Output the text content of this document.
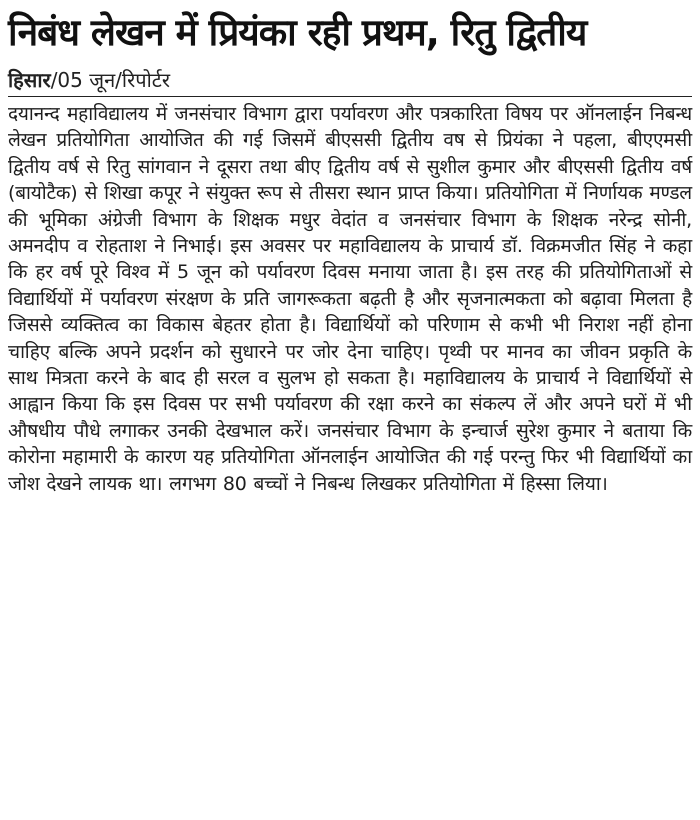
निबंध लेखन में प्रियंका रही प्रथम, रितु द्वितीय
हिसार/05 जून/रिपोर्टर

दयानन्द महाविद्यालय में जनसंचार विभाग द्वारा पर्यावरण और पत्रकारिता विषय पर ऑनलाईन निबन्ध लेखन प्रतियोगिता आयोजित की गई जिसमें बीएससी द्वितीय वष से प्रियंका ने पहला, बीएएमसी द्वितीय वर्ष से रितु सांगवान ने दूसरा तथा बीए द्वितीय वर्ष से सुशील कुमार और बीएससी द्वितीय वर्ष (बायोटैक) से शिखा कपूर ने संयुक्त रूप से तीसरा स्थान प्राप्त किया। प्रतियोगिता में निर्णायक मण्डल की भूमिका अंग्रेजी विभाग के शिक्षक मधुर वेदांत व जनसंचार विभाग के शिक्षक नरेन्द्र सोनी, अमनदीप व रोहताश ने निभाई। इस अवसर पर महाविद्यालय के प्राचार्य डॉ. विक्रमजीत सिंह ने कहा कि हर वर्ष पूरे विश्व में 5 जून को पर्यावरण दिवस मनाया जाता है। इस तरह की प्रतियोगिताओं से विद्यार्थियों में पर्यावरण संरक्षण के प्रति जागरूकता बढ़ती है और सृजनात्मकता को बढ़ावा मिलता है जिससे व्यक्तित्व का विकास बेहतर होता है। विद्यार्थियों को परिणाम से कभी भी निराश नहीं होना चाहिए बल्कि अपने प्रदर्शन को सुधारने पर जोर देना चाहिए। पृथ्वी पर मानव का जीवन प्रकृति के साथ मित्रता करने के बाद ही सरल व सुलभ हो सकता है। महाविद्यालय के प्राचार्य ने विद्यार्थियों से आह्वान किया कि इस दिवस पर सभी पर्यावरण की रक्षा करने का संकल्प लें और अपने घरों में भी औषधीय पौधे लगाकर उनकी देखभाल करें। जनसंचार विभाग के इन्चार्ज सुरेश कुमार ने बताया कि कोरोना महामारी के कारण यह प्रतियोगिता ऑनलाईन आयोजित की गई परन्तु फिर भी विद्यार्थियों का जोश देखने लायक था। लगभग 80 बच्चों ने निबन्ध लिखकर प्रतियोगिता में हिस्सा लिया।
